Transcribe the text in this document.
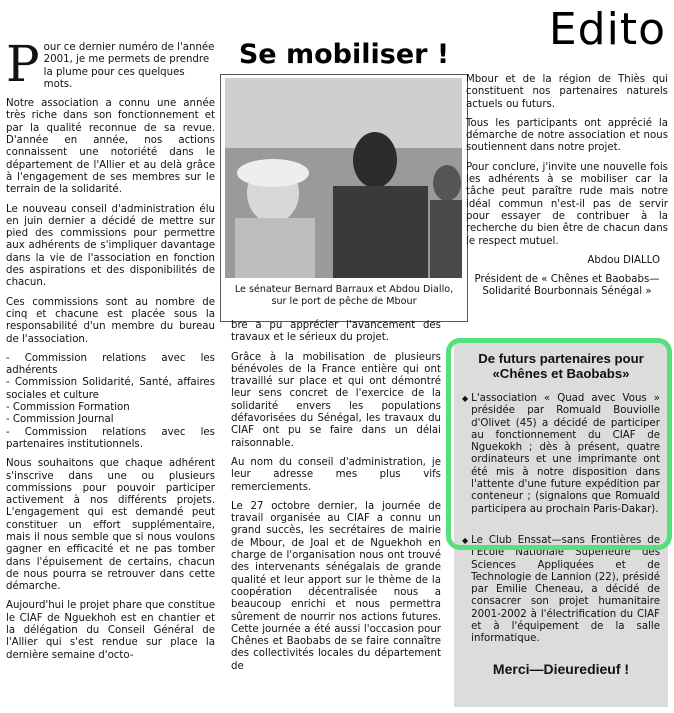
Edito
Se mobiliser !

Pour ce dernier numéro de l'année 2001, je me permets de prendre la plume pour ces quelques mots.

Notre association a connu une année très riche dans son fonctionnement et par la qualité reconnue de sa revue. D'année en année, nos actions connaissent une notoriété dans le département de l'Allier et au delà grâce à l'engagement de ses membres sur le terrain de la solidarité.

Le nouveau conseil d'administration élu en juin dernier a décidé de mettre sur pied des commissions pour permettre aux adhérents de s'impliquer davantage dans la vie de l'association en fonction des aspirations et des disponibilités de chacun.

Ces commissions sont au nombre de cinq et chacune est placée sous la responsabilité d'un membre du bureau de l'association.

- Commission relations avec les adhérents
- Commission Solidarité, Santé, affaires sociales et culture
- Commission Formation
- Commission Journal
- Commission relations avec les partenaires institutionnels.

Nous souhaitons que chaque adhérent s'inscrive dans une ou plusieurs commissions pour pouvoir participer activement à nos différents projets. L'engagement qui est demandé peut constituer un effort supplémentaire, mais il nous semble que si nous voulons gagner en efficacité et ne pas tomber dans l'épuisement de certains, chacun de nous pourra se retrouver dans cette démarche.

Aujourd'hui le projet phare que constitue le CIAF de Nguekhoh est en chantier et la délégation du Conseil Général de l'Allier qui s'est rendue sur place la dernière semaine d'octo-

Le sénateur Bernard Barraux et Abdou Diallo,
sur le port de pêche de Mbour

bre a pu apprécier l'avancement des travaux et le sérieux du projet.

Grâce à la mobilisation de plusieurs bénévoles de la France entière qui ont travaillé sur place et qui ont démontré leur sens concret de l'exercice de la solidarité envers les populations défavorisées du Sénégal, les travaux du CIAF ont pu se faire dans un délai raisonnable.

Au nom du conseil d'administration, je leur adresse mes plus vifs remerciements.

Le 27 octobre dernier, la journée de travail organisée au CIAF a connu un grand succès, les secrétaires de mairie de Mbour, de Joal et de Nguekhoh en charge de l'organisation nous ont trouvé des intervenants sénégalais de grande qualité et leur apport sur le thème de la coopération décentralisée nous a beaucoup enrichi et nous permettra sûrement de nourrir nos actions futures. Cette journée a été aussi l'occasion pour Chênes et Baobabs de se faire connaître des collectivités locales du département de

Mbour et de la région de Thiès qui constituent nos partenaires naturels actuels ou futurs.

Tous les participants ont apprécié la démarche de notre association et nous soutiennent dans notre projet.

Pour conclure, j'invite une nouvelle fois les adhérents à se mobiliser car la tâche peut paraître rude mais notre idéal commun n'est-il pas de servir pour essayer de contribuer à la recherche du bien être de chacun dans le respect mutuel.

Abdou DIALLO

Président de « Chênes et Baobabs— Solidarité Bourbonnais Sénégal »

De futurs partenaires pour «Chênes et Baobabs»
◆ L'association « Quad avec Vous » présidée par Romuald Bouviolle d'Olivet (45) a décidé de participer au fonctionnement du CIAF de Nguekokh ; dès à présent, quatre ordinateurs et une imprimante ont été mis à notre disposition dans l'attente d'une future expédition par conteneur ; (signalons que Romuald participera au prochain Paris-Dakar).

◆ Le Club Enssat—sans Frontières de l'Ecole Nationale Supérieure des Sciences Appliquées et de Technologie de Lannion (22), présidé par Emilie Cheneau, a décidé de consacrer son projet humanitaire 2001-2002 à l'électrification du CIAF et à l'équipement de la salle informatique.

Merci—Dieuredieuf !
